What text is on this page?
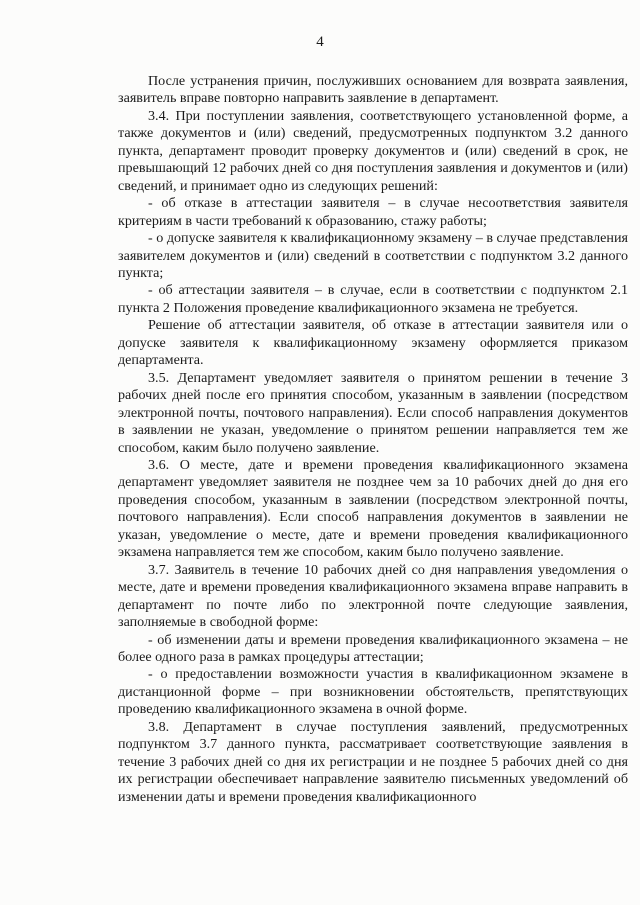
4

После устранения причин, послуживших основанием для возврата заявления, заявитель вправе повторно направить заявление в департамент.

3.4. При поступлении заявления, соответствующего установленной форме, а также документов и (или) сведений, предусмотренных подпунктом 3.2 данного пункта, департамент проводит проверку документов и (или) сведений в срок, не превышающий 12 рабочих дней со дня поступления заявления и документов и (или) сведений, и принимает одно из следующих решений:

- об отказе в аттестации заявителя – в случае несоответствия заявителя критериям в части требований к образованию, стажу работы;

- о допуске заявителя к квалификационному экзамену – в случае представления заявителем документов и (или) сведений в соответствии с подпунктом 3.2 данного пункта;

- об аттестации заявителя – в случае, если в соответствии с подпунктом 2.1 пункта 2 Положения проведение квалификационного экзамена не требуется.

Решение об аттестации заявителя, об отказе в аттестации заявителя или о допуске заявителя к квалификационному экзамену оформляется приказом департамента.

3.5. Департамент уведомляет заявителя о принятом решении в течение 3 рабочих дней после его принятия способом, указанным в заявлении (посредством электронной почты, почтового направления). Если способ направления документов в заявлении не указан, уведомление о принятом решении направляется тем же способом, каким было получено заявление.

3.6. О месте, дате и времени проведения квалификационного экзамена департамент уведомляет заявителя не позднее чем за 10 рабочих дней до дня его проведения способом, указанным в заявлении (посредством электронной почты, почтового направления). Если способ направления документов в заявлении не указан, уведомление о месте, дате и времени проведения квалификационного экзамена направляется тем же способом, каким было получено заявление.

3.7. Заявитель в течение 10 рабочих дней со дня направления уведомления о месте, дате и времени проведения квалификационного экзамена вправе направить в департамент по почте либо по электронной почте следующие заявления, заполняемые в свободной форме:

- об изменении даты и времени проведения квалификационного экзамена – не более одного раза в рамках процедуры аттестации;

- о предоставлении возможности участия в квалификационном экзамене в дистанционной форме – при возникновении обстоятельств, препятствующих проведению квалификационного экзамена в очной форме.

3.8. Департамент в случае поступления заявлений, предусмотренных подпунктом 3.7 данного пункта, рассматривает соответствующие заявления в течение 3 рабочих дней со дня их регистрации и не позднее 5 рабочих дней со дня их регистрации обеспечивает направление заявителю письменных уведомлений об изменении даты и времени проведения квалификационного
